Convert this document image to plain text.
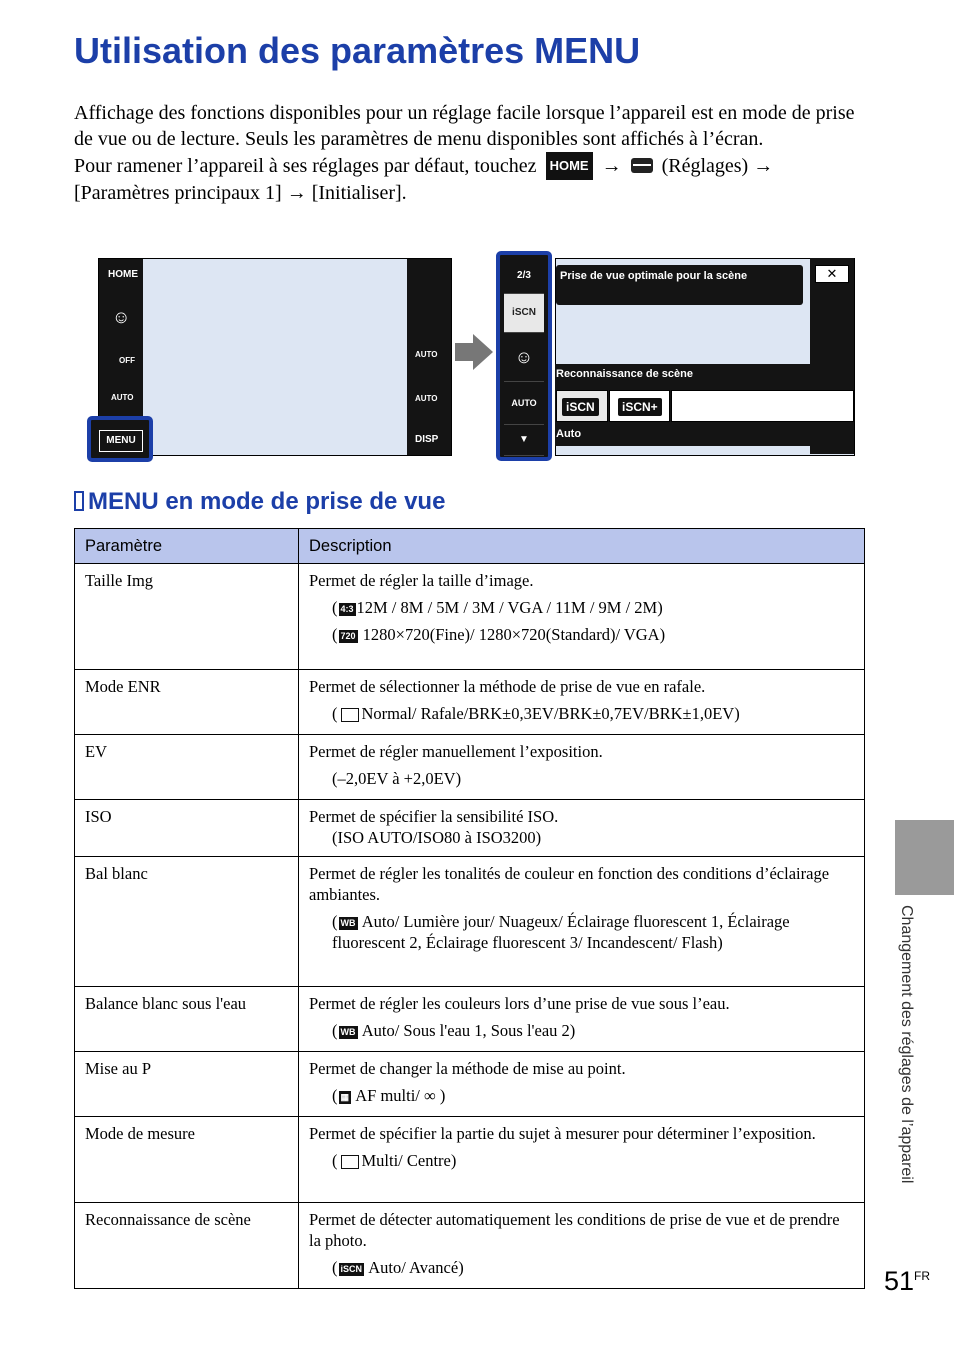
Utilisation des paramètres MENU

Affichage des fonctions disponibles pour un réglage facile lorsque l’appareil est en mode de prise de vue ou de lecture. Seuls les paramètres de menu disponibles sont affichés à l’écran.

Pour ramener l’appareil à ses réglages par défaut, touchez HOME → (Réglages) → [Paramètres principaux 1] → [Initialiser].

HOME
☺
OFF
AUTO
AUTO
AUTO
DISP
MENU
Prise de vue optimale pour la scène	✕
Reconnaissance de scène
iSCN	iSCN+
Auto
2/3
iSCN
☺
AUTO
▼
MENU en mode de prise de vue
Paramètre	Description
Taille Img	Permet de régler la taille d’image.
( 4:3 12M / 8M / 5M / 3M / VGA / 11M / 9M / 2M)
( 720 1280×720(Fine)/ 1280×720(Standard)/ VGA)

Mode ENR	Permet de sélectionner la méthode de prise de vue en rafale.
( Normal/ Rafale/BRK±0,3EV/BRK±0,7EV/BRK±1,0EV)

EV	Permet de régler manuellement l’exposition.
(–2,0EV à +2,0EV)

ISO	Permet de spécifier la sensibilité ISO.
(ISO AUTO/ISO80 à ISO3200)

Bal blanc	Permet de régler les tonalités de couleur en fonction des conditions d’éclairage ambiantes.
( WB Auto/ Lumière jour/ Nuageux/ Éclairage fluorescent 1, Éclairage fluorescent 2, Éclairage fluorescent 3/ Incandescent/ Flash)

Balance blanc sous l'eau	Permet de régler les couleurs lors d’une prise de vue sous l’eau.
( WB Auto/ Sous l'eau 1, Sous l'eau 2)

Mise au P	Permet de changer la méthode de mise au point.
( ▦ AF multi/ ∞ )

Mode de mesure	Permet de spécifier la partie du sujet à mesurer pour déterminer l’exposition.
( Multi/ Centre)

Reconnaissance de scène	Permet de détecter automatiquement les conditions de prise de vue et de prendre la photo.
( iSCN Auto/ Avancé)
Changement des réglages de l’appareil
$51^{FR}$
